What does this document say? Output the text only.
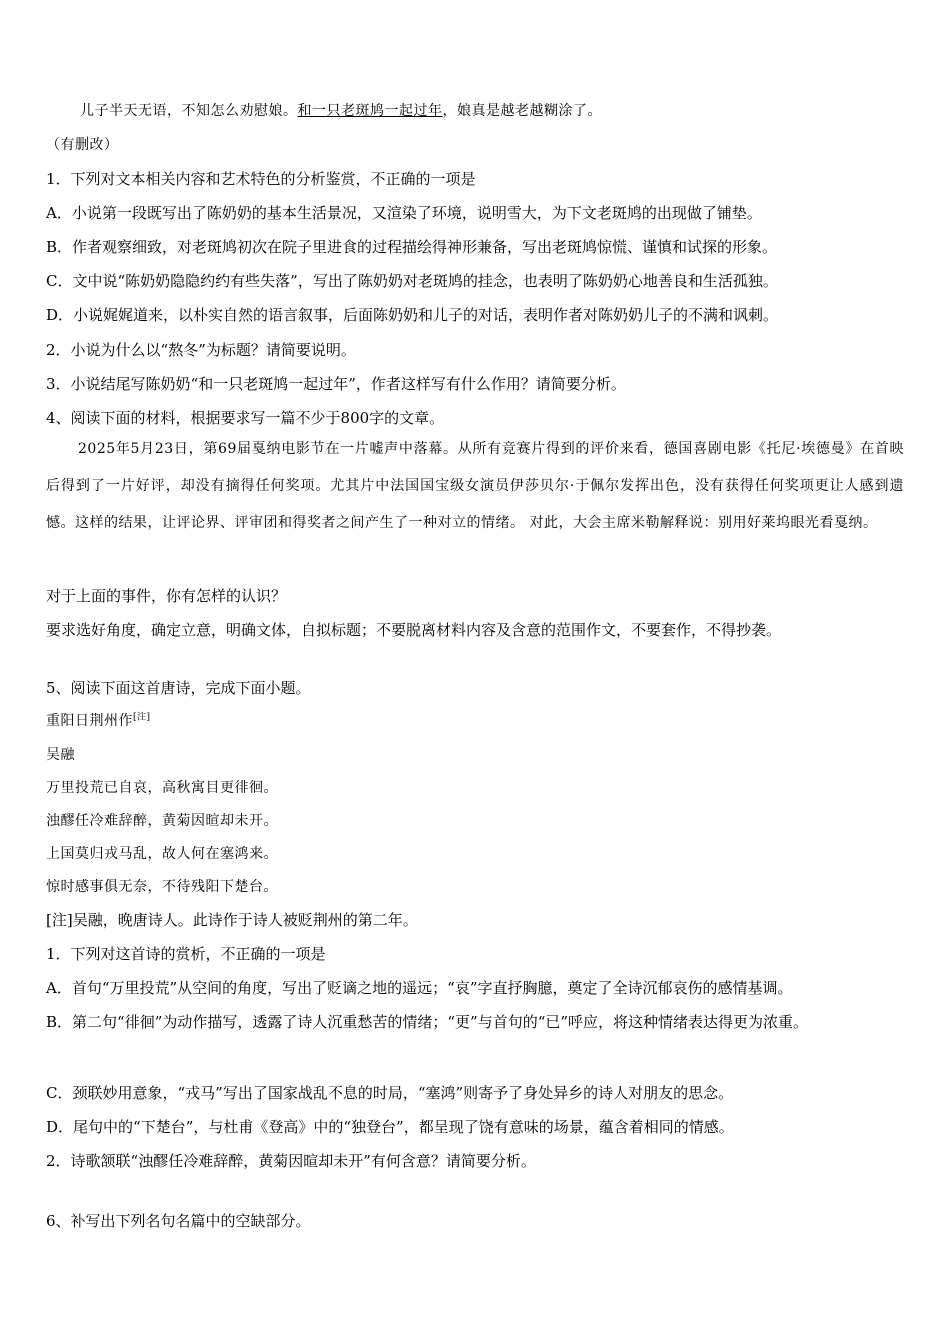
儿子半天无语，不知怎么劝慰娘。和一只老斑鸠一起过年，娘真是越老越糊涂了。
（有删改）
1．下列对文本相关内容和艺术特色的分析鉴赏，不正确的一项是
A．小说第一段既写出了陈奶奶的基本生活景况，又渲染了环境，说明雪大，为下文老斑鸠的出现做了铺垫。
B．作者观察细致，对老斑鸠初次在院子里进食的过程描绘得神形兼备，写出老斑鸠惊慌、谨慎和试探的形象。
C．文中说“陈奶奶隐隐约约有些失落”，写出了陈奶奶对老斑鸠的挂念，也表明了陈奶奶心地善良和生活孤独。
D．小说娓娓道来，以朴实自然的语言叙事，后面陈奶奶和儿子的对话，表明作者对陈奶奶儿子的不满和讽刺。
2．小说为什么以“熬冬”为标题？请简要说明。
3．小说结尾写陈奶奶“和一只老斑鸠一起过年”，作者这样写有什么作用？请简要分析。
4、阅读下面的材料，根据要求写一篇不少于800字的文章。
2025年5月23日，第69届戛纳电影节在一片嘘声中落幕。从所有竞赛片得到的评价来看，德国喜剧电影《托尼·埃德曼》在首映后得到了一片好评，却没有摘得任何奖项。尤其片中法国国宝级女演员伊莎贝尔·于佩尔发挥出色，没有获得任何奖项更让人感到遗憾。这样的结果，让评论界、评审团和得奖者之间产生了一种对立的情绪。 对此，大会主席米勒解释说：别用好莱坞眼光看戛纳。
对于上面的事件，你有怎样的认识？
要求选好角度，确定立意，明确文体，自拟标题；不要脱离材料内容及含意的范围作文，不要套作，不得抄袭。
5、阅读下面这首唐诗，完成下面小题。
重阳日荆州作[注]
吴融
万里投荒已自哀，高秋寓目更徘徊。
浊醪任冷难辞醉，黄菊因暄却未开。
上国莫归戎马乱，故人何在塞鸿来。
惊时感事俱无奈，不待残阳下楚台。
[注]吴融，晚唐诗人。此诗作于诗人被贬荆州的第二年。
1．下列对这首诗的赏析，不正确的一项是
A．首句“万里投荒”从空间的角度，写出了贬谪之地的遥远；“哀”字直抒胸臆，奠定了全诗沉郁哀伤的感情基调。
B．第二句“徘徊”为动作描写，透露了诗人沉重愁苦的情绪；“更”与首句的“已”呼应，将这种情绪表达得更为浓重。
C．颈联妙用意象，“戎马”写出了国家战乱不息的时局，“塞鸿”则寄予了身处异乡的诗人对朋友的思念。
D．尾句中的“下楚台”，与杜甫《登高》中的“独登台”，都呈现了饶有意味的场景，蕴含着相同的情感。
2．诗歌颔联“浊醪任冷难辞醉，黄菊因暄却未开”有何含意？请简要分析。
6、补写出下列名句名篇中的空缺部分。
